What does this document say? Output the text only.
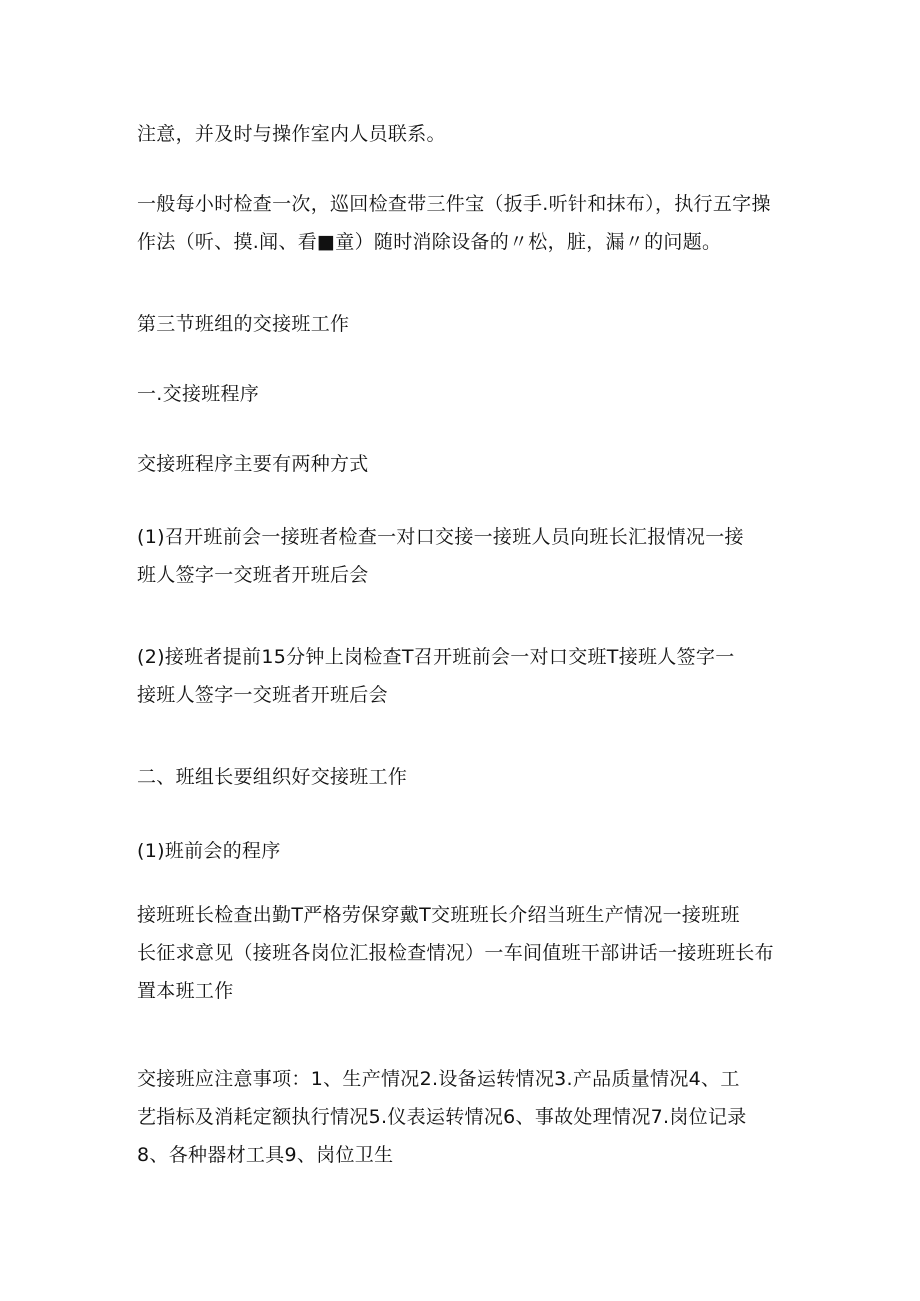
注意，并及时与操作室内人员联系。

一般每小时检查一次，巡回检查带三件宝（扳手.听针和抹布），执行五字操
作法（听、摸.闻、看■童）随时消除设备的〃松，脏，漏〃的问题。

第三节班组的交接班工作

一.交接班程序

交接班程序主要有两种方式

(1)召开班前会一接班者检查一对口交接一接班人员向班长汇报情况一接
班人签字一交班者开班后会

(2)接班者提前15分钟上岗检查T召开班前会一对口交班T接班人签字一
接班人签字一交班者开班后会

二、班组长要组织好交接班工作

(1)班前会的程序

接班班长检查出勤T严格劳保穿戴T交班班长介绍当班生产情况一接班班
长征求意见（接班各岗位汇报检查情况）一车间值班干部讲话一接班班长布
置本班工作

交接班应注意事项：1、生产情况2.设备运转情况3.产品质量情况4、工
艺指标及消耗定额执行情况5.仪表运转情况6、事故处理情况7.岗位记录
8、各种器材工具9、岗位卫生
